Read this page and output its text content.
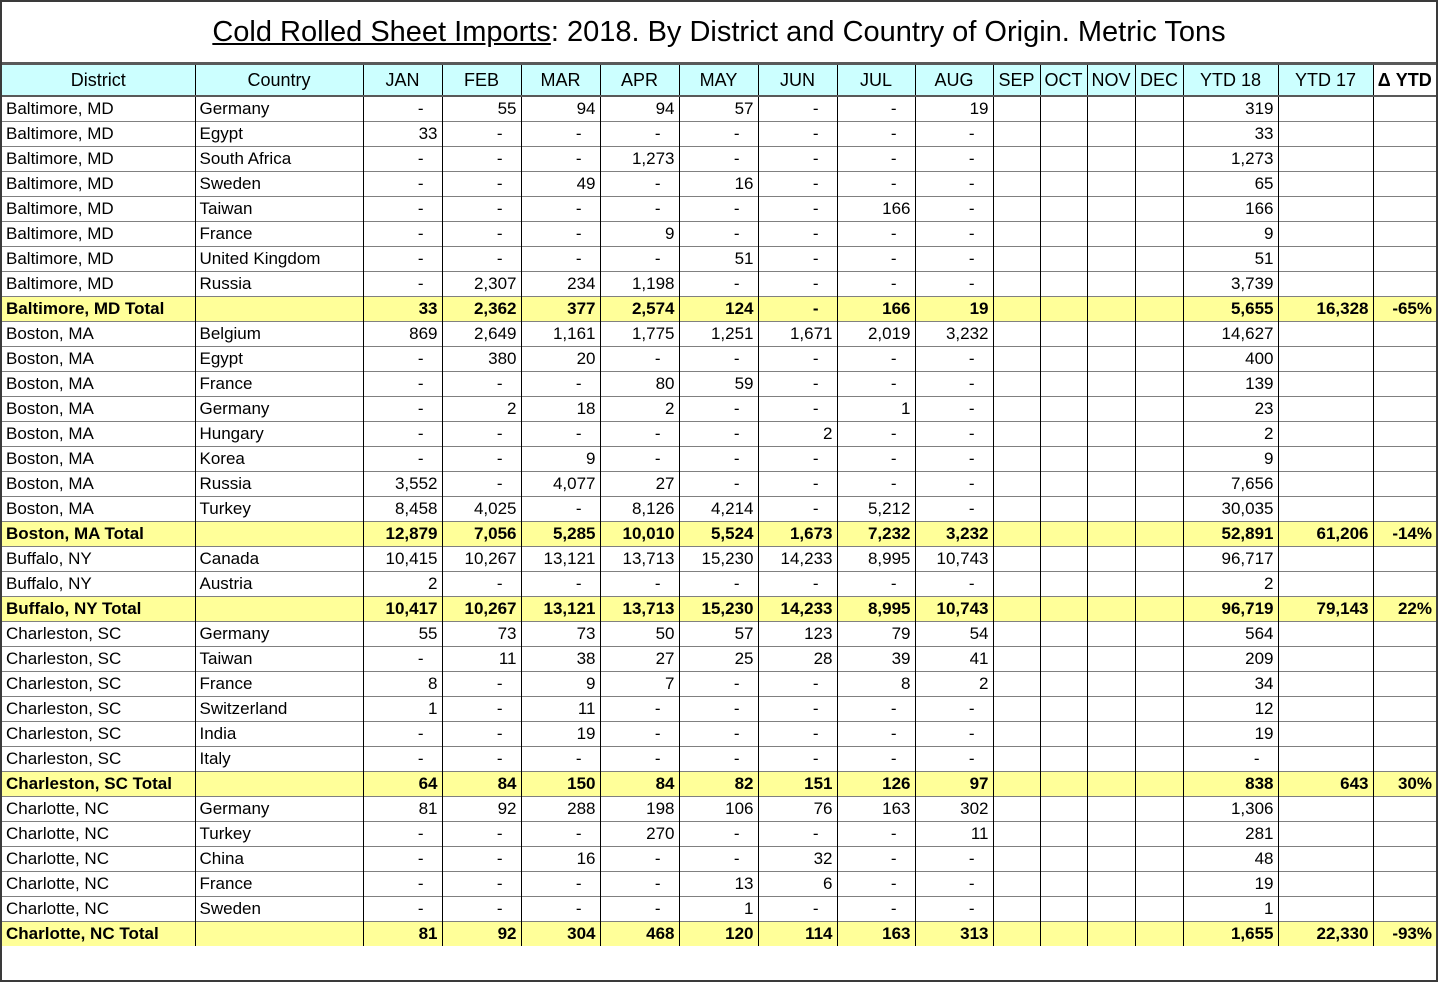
Cold Rolled Sheet Imports : 2018. By District and Country of Origin. Metric Tons
District	Country	JAN	FEB	MAR	APR	MAY	JUN	JUL	AUG	SEP	OCT	NOV	DEC	YTD 18	YTD 17	Δ YTD
Baltimore, MD	Germany	-	55	94	94	57	-	-	19					319		
Baltimore, MD	Egypt	33	-	-	-	-	-	-	-					33		
Baltimore, MD	South Africa	-	-	-	1,273	-	-	-	-					1,273		
Baltimore, MD	Sweden	-	-	49	-	16	-	-	-					65		
Baltimore, MD	Taiwan	-	-	-	-	-	-	166	-					166		
Baltimore, MD	France	-	-	-	9	-	-	-	-					9		
Baltimore, MD	United Kingdom	-	-	-	-	51	-	-	-					51		
Baltimore, MD	Russia	-	2,307	234	1,198	-	-	-	-					3,739		
Baltimore, MD Total		33	2,362	377	2,574	124	-	166	19					5,655	16,328	-65%
Boston, MA	Belgium	869	2,649	1,161	1,775	1,251	1,671	2,019	3,232					14,627		
Boston, MA	Egypt	-	380	20	-	-	-	-	-					400		
Boston, MA	France	-	-	-	80	59	-	-	-					139		
Boston, MA	Germany	-	2	18	2	-	-	1	-					23		
Boston, MA	Hungary	-	-	-	-	-	2	-	-					2		
Boston, MA	Korea	-	-	9	-	-	-	-	-					9		
Boston, MA	Russia	3,552	-	4,077	27	-	-	-	-					7,656		
Boston, MA	Turkey	8,458	4,025	-	8,126	4,214	-	5,212	-					30,035		
Boston, MA Total		12,879	7,056	5,285	10,010	5,524	1,673	7,232	3,232					52,891	61,206	-14%
Buffalo, NY	Canada	10,415	10,267	13,121	13,713	15,230	14,233	8,995	10,743					96,717		
Buffalo, NY	Austria	2	-	-	-	-	-	-	-					2		
Buffalo, NY Total		10,417	10,267	13,121	13,713	15,230	14,233	8,995	10,743					96,719	79,143	22%
Charleston, SC	Germany	55	73	73	50	57	123	79	54					564		
Charleston, SC	Taiwan	-	11	38	27	25	28	39	41					209		
Charleston, SC	France	8	-	9	7	-	-	8	2					34		
Charleston, SC	Switzerland	1	-	11	-	-	-	-	-					12		
Charleston, SC	India	-	-	19	-	-	-	-	-					19		
Charleston, SC	Italy	-	-	-	-	-	-	-	-					-		
Charleston, SC Total		64	84	150	84	82	151	126	97					838	643	30%
Charlotte, NC	Germany	81	92	288	198	106	76	163	302					1,306		
Charlotte, NC	Turkey	-	-	-	270	-	-	-	11					281		
Charlotte, NC	China	-	-	16	-	-	32	-	-					48		
Charlotte, NC	France	-	-	-	-	13	6	-	-					19		
Charlotte, NC	Sweden	-	-	-	-	1	-	-	-					1		
Charlotte, NC Total		81	92	304	468	120	114	163	313					1,655	22,330	-93%
